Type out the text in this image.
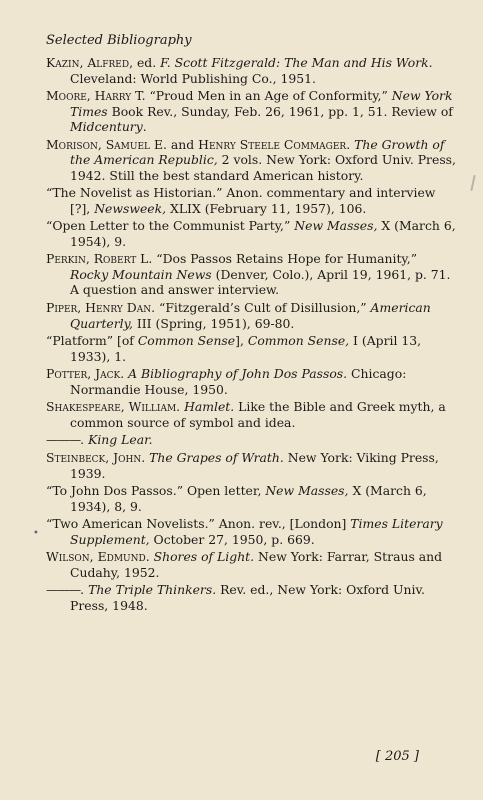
Selected Bibliography

Kazin, Alfred, ed. F. Scott Fitzgerald: The Man and His Work. Cleveland: World Publishing Co., 1951.

Moore, Harry T. “Proud Men in an Age of Conformity,” New York Times Book Rev., Sunday, Feb. 26, 1961, pp. 1, 51. Review of Midcentury.

Morison, Samuel E. and Henry Steele Commager. The Growth of the American Republic, 2 vols. New York: Oxford Univ. Press, 1942. Still the best standard American history.

“The Novelist as Historian.” Anon. commentary and interview [?], Newsweek, XLIX (February 11, 1957), 106.

“Open Letter to the Communist Party,” New Masses, X (March 6, 1954), 9.

Perkin, Robert L. “Dos Passos Retains Hope for Humanity,” Rocky Mountain News (Denver, Colo.), April 19, 1961, p. 71. A question and answer interview.

Piper, Henry Dan. “Fitzgerald’s Cult of Disillusion,” American Quarterly, III (Spring, 1951), 69-80.

“Platform” [of Common Sense], Common Sense, I (April 13, 1933), 1.

Potter, Jack. A Bibliography of John Dos Passos. Chicago: Normandie House, 1950.

Shakespeare, William. Hamlet. Like the Bible and Greek myth, a common source of symbol and idea.

———. King Lear.

Steinbeck, John. The Grapes of Wrath. New York: Viking Press, 1939.

“To John Dos Passos.” Open letter, New Masses, X (March 6, 1934), 8, 9.

“Two American Novelists.” Anon. rev., [London] Times Literary Supplement, October 27, 1950, p. 669.

Wilson, Edmund. Shores of Light. New York: Farrar, Straus and Cudahy, 1952.

———. The Triple Thinkers. Rev. ed., New York: Oxford Univ. Press, 1948.

•
[ 205 ]
